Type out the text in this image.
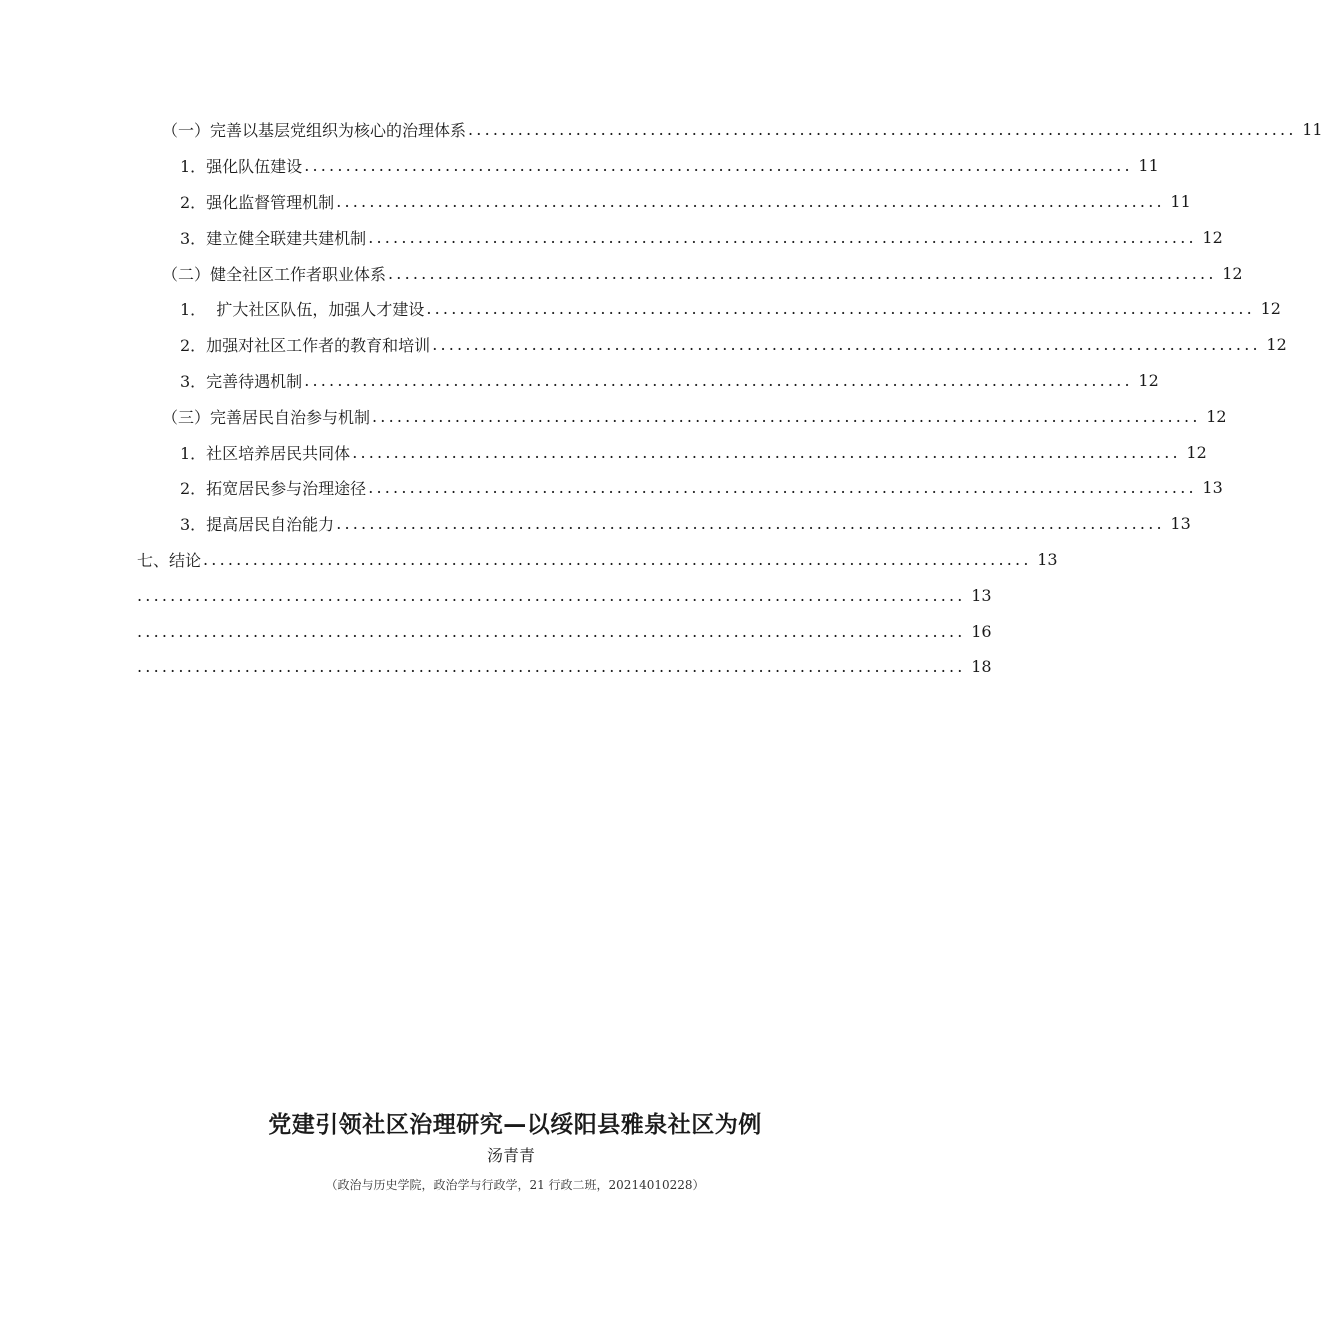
（一）完善以基层党组织为核心的治理体系 .................................................................................................... 11
1．强化队伍建设 .................................................................................................... 11
2．强化监督管理机制 .................................................................................................... 11
3．建立健全联建共建机制 .................................................................................................... 12
（二）健全社区工作者职业体系 .................................................................................................... 12
1．  扩大社区队伍，加强人才建设 .................................................................................................... 12
2．加强对社区工作者的教育和培训 .................................................................................................... 12
3．完善待遇机制 .................................................................................................... 12
（三）完善居民自治参与机制 .................................................................................................... 12
1．社区培养居民共同体 .................................................................................................... 12
2．拓宽居民参与治理途径 .................................................................................................... 13
3．提高居民自治能力 .................................................................................................... 13
七、结论 .................................................................................................... 13
.................................................................................................... 13
.................................................................................................... 16
.................................................................................................... 18
党建引领社区治理研究—以绥阳县雅泉社区为例
汤青青
（政治与历史学院，政治学与行政学，21 行政二班，20214010228）
